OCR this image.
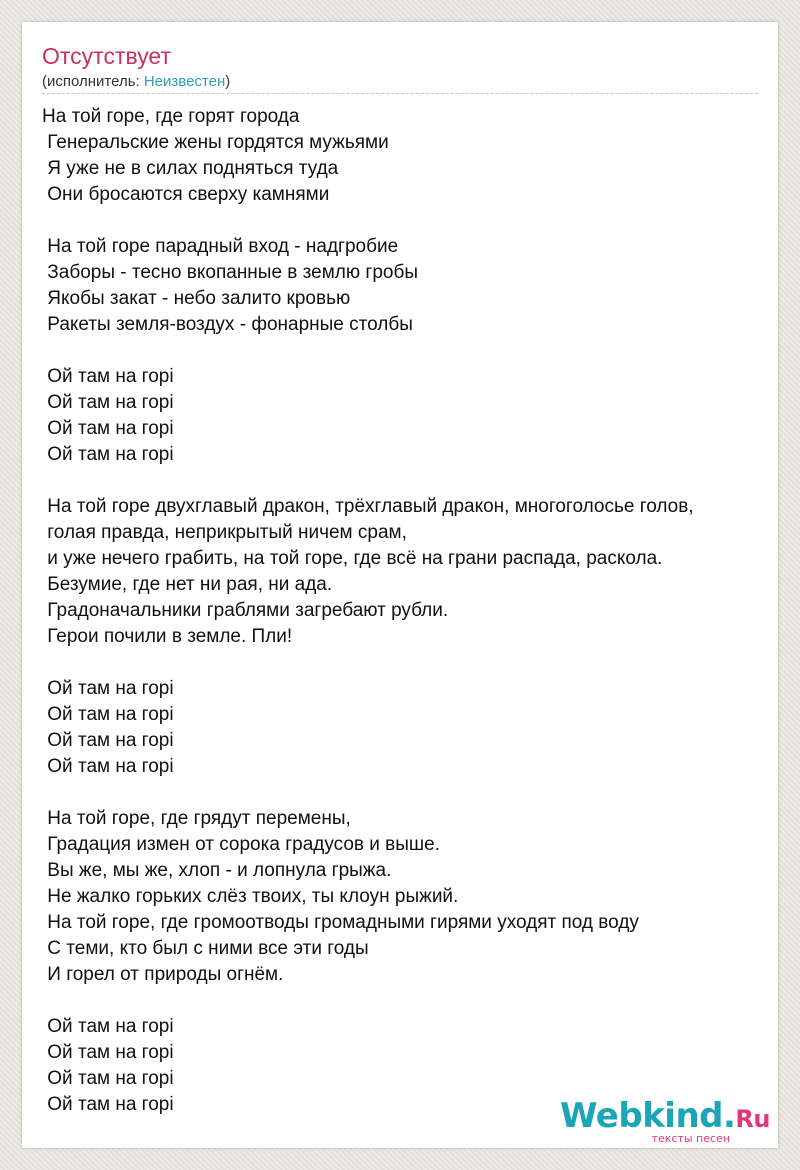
Отсутствует
(исполнитель: Неизвестен)
На той горе, где горят города
Генеральские жены гордятся мужьями
Я уже не в силах подняться туда
Они бросаются сверху камнями
На той горе парадный вход - надгробие
Заборы - тесно вкопанные в землю гробы
Якобы закат - небо залито кровью
Ракеты земля-воздух - фонарные столбы
Ой там на горі
Ой там на горі
Ой там на горі
Ой там на горі
На той горе двухглавый дракон, трёхглавый дракон, многоголосье голов,
голая правда, неприкрытый ничем срам,
и уже нечего грабить, на той горе, где всё на грани распада, раскола.
Безумие, где нет ни рая, ни ада.
Градоначальники граблями загребают рубли.
Герои почили в земле. Пли!
Ой там на горі
Ой там на горі
Ой там на горі
Ой там на горі
На той горе, где грядут перемены,
Градация измен от сорока градусов и выше.
Вы же, мы же, хлоп - и лопнула грыжа.
Не жалко горьких слёз твоих, ты клоун рыжий.
На той горе, где громоотводы громадными гирями уходят под воду
С теми, кто был с ними все эти годы
И горел от природы огнём.
Ой там на горі
Ой там на горі
Ой там на горі
Ой там на горі	Webkind.Ru
тексты песен
